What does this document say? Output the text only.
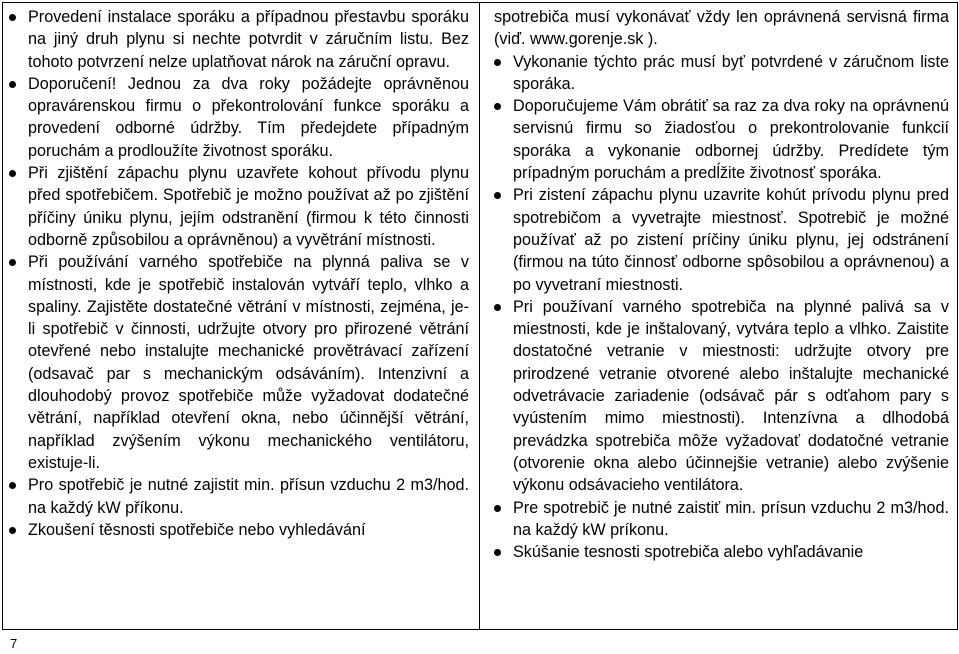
Provedení instalace sporáku a případnou přestavbu sporáku na jiný druh plynu si nechte potvrdit v záručním listu. Bez tohoto potvrzení nelze uplatňovat nárok na záruční opravu.
Doporučení! Jednou za dva roky požádejte oprávněnou opravárenskou firmu o překontrolování funkce sporáku a provedení odborné údržby. Tím předejdete případným poruchám a prodloužíte životnost sporáku.
Při zjištění zápachu plynu uzavřete kohout přívodu plynu před spotřebičem. Spotřebič je možno používat až po zjištění příčiny úniku plynu, jejím odstranění (firmou k této činnosti odborně způsobilou a oprávněnou) a vyvětrání místnosti.
Při používání varného spotřebiče na plynná paliva se v místnosti, kde je spotřebič instalován vytváří teplo, vlhko a spaliny. Zajistěte dostatečné větrání v místnosti, zejména, je-li spotřebič v činnosti, udržujte otvory pro přirozené větrání otevřené nebo instalujte mechanické provětrávací zařízení (odsavač par s mechanickým odsáváním). Intenzivní a dlouhodobý provoz spotřebiče může vyžadovat dodatečné větrání, například otevření okna, nebo účinnější větrání, například zvýšením výkonu mechanického ventilátoru, existuje-li.
Pro spotřebič je nutné zajistit min. přísun vzduchu 2 m3/hod. na každý kW příkonu.
Zkoušení těsnosti spotřebiče nebo vyhledávání
spotrebiča musí vykonávať vždy len oprávnená servisná firma (viď. www.gorenje.sk ).
Vykonanie týchto prác musí byť potvrdené v záručnom liste sporáka.
Doporučujeme Vám obrátiť sa raz za dva roky na oprávnenú servisnú firmu so žiadosťou o prekontrolovanie funkcií sporáka a vykonanie odbornej údržby. Predídete tým prípadným poruchám a predĺžite životnosť sporáka.
Pri zistení zápachu plynu uzavrite kohút prívodu plynu pred spotrebičom a vyvetrajte miestnosť. Spotrebič je možné používať až po zistení príčiny úniku plynu, jej odstránení (firmou na túto činnosť odborne spôsobilou a oprávnenou) a po vyvetraní miestnosti.
Pri používaní varného spotrebiča na plynné palivá sa v miestnosti, kde je inštalovaný, vytvára teplo a vlhko. Zaistite dostatočné vetranie v miestnosti: udržujte otvory pre prirodzené vetranie otvorené alebo inštalujte mechanické odvetrávacie zariadenie (odsávač pár s odťahom pary s vyústením mimo miestnosti). Intenzívna a dlhodobá prevádzka spotrebiča môže vyžadovať dodatočné vetranie (otvorenie okna alebo účinnejšie vetranie) alebo zvýšenie výkonu odsávacieho ventilátora.
Pre spotrebič je nutné zaistiť min. prísun vzduchu 2 m3/hod. na každý kW príkonu.
Skúšanie tesnosti spotrebiča alebo vyhľadávanie
7
